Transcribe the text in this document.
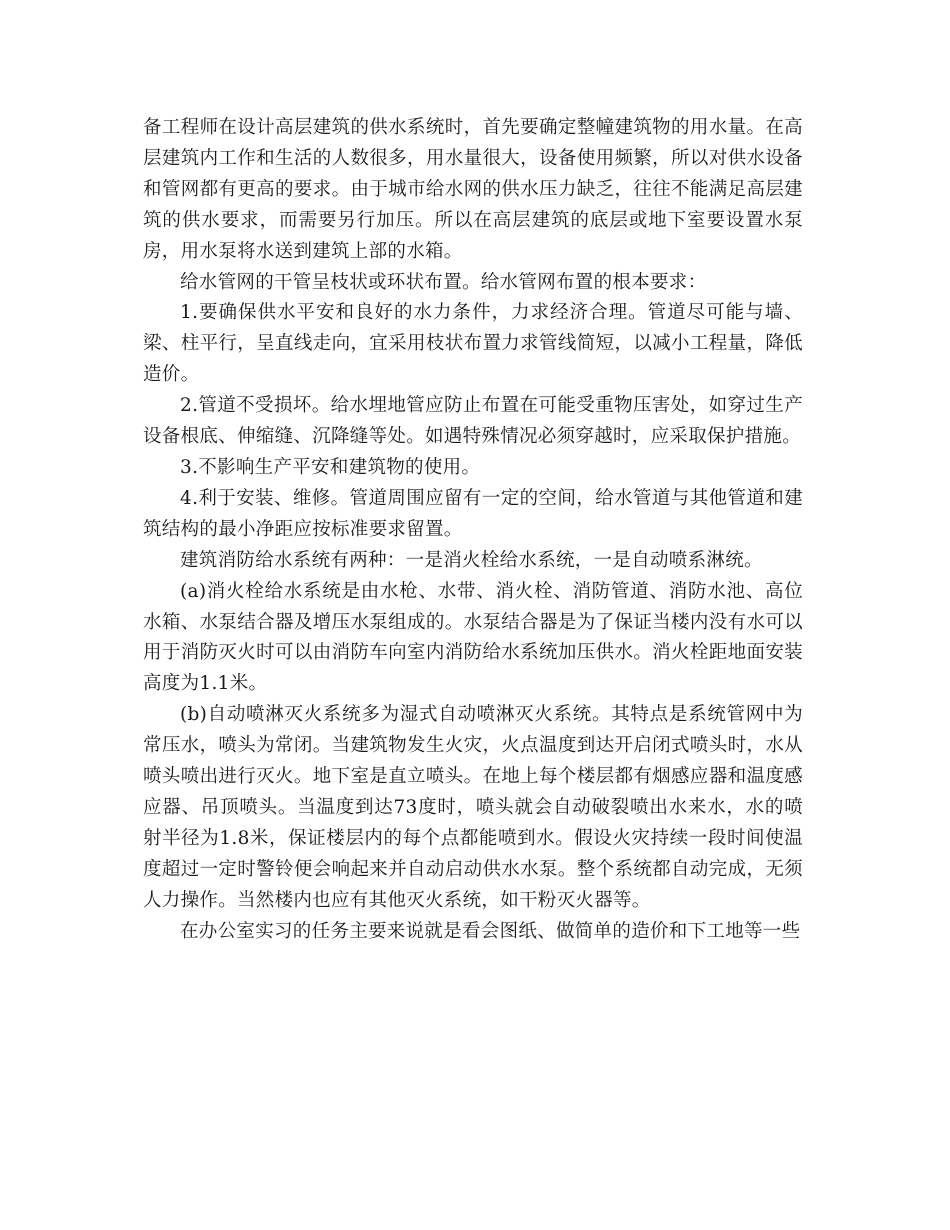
备工程师在设计高层建筑的供水系统时，首先要确定整幢建筑物的用水量。在高层建筑内工作和生活的人数很多，用水量很大，设备使用频繁，所以对供水设备和管网都有更高的要求。由于城市给水网的供水压力缺乏，往往不能满足高层建筑的供水要求，而需要另行加压。所以在高层建筑的底层或地下室要设置水泵房，用水泵将水送到建筑上部的水箱。

给水管网的干管呈枝状或环状布置。给水管网布置的根本要求：

1.要确保供水平安和良好的水力条件，力求经济合理。管道尽可能与墙、梁、柱平行，呈直线走向，宜采用枝状布置力求管线简短，以减小工程量，降低造价。

2.管道不受损坏。给水埋地管应防止布置在可能受重物压害处，如穿过生产设备根底、伸缩缝、沉降缝等处。如遇特殊情况必须穿越时，应采取保护措施。

3.不影响生产平安和建筑物的使用。

4.利于安装、维修。管道周围应留有一定的空间，给水管道与其他管道和建筑结构的最小净距应按标准要求留置。

建筑消防给水系统有两种：一是消火栓给水系统，一是自动喷系淋统。

(a)消火栓给水系统是由水枪、水带、消火栓、消防管道、消防水池、高位水箱、水泵结合器及增压水泵组成的。水泵结合器是为了保证当楼内没有水可以用于消防灭火时可以由消防车向室内消防给水系统加压供水。消火栓距地面安装高度为1.1米。

(b)自动喷淋灭火系统多为湿式自动喷淋灭火系统。其特点是系统管网中为常压水，喷头为常闭。当建筑物发生火灾，火点温度到达开启闭式喷头时，水从喷头喷出进行灭火。地下室是直立喷头。在地上每个楼层都有烟感应器和温度感应器、吊顶喷头。当温度到达73度时，喷头就会自动破裂喷出水来水，水的喷射半径为1.8米，保证楼层内的每个点都能喷到水。假设火灾持续一段时间使温度超过一定时警铃便会响起来并自动启动供水水泵。整个系统都自动完成，无须人力操作。当然楼内也应有其他灭火系统，如干粉灭火器等。

在办公室实习的任务主要来说就是看会图纸、做简单的造价和下工地等一些
